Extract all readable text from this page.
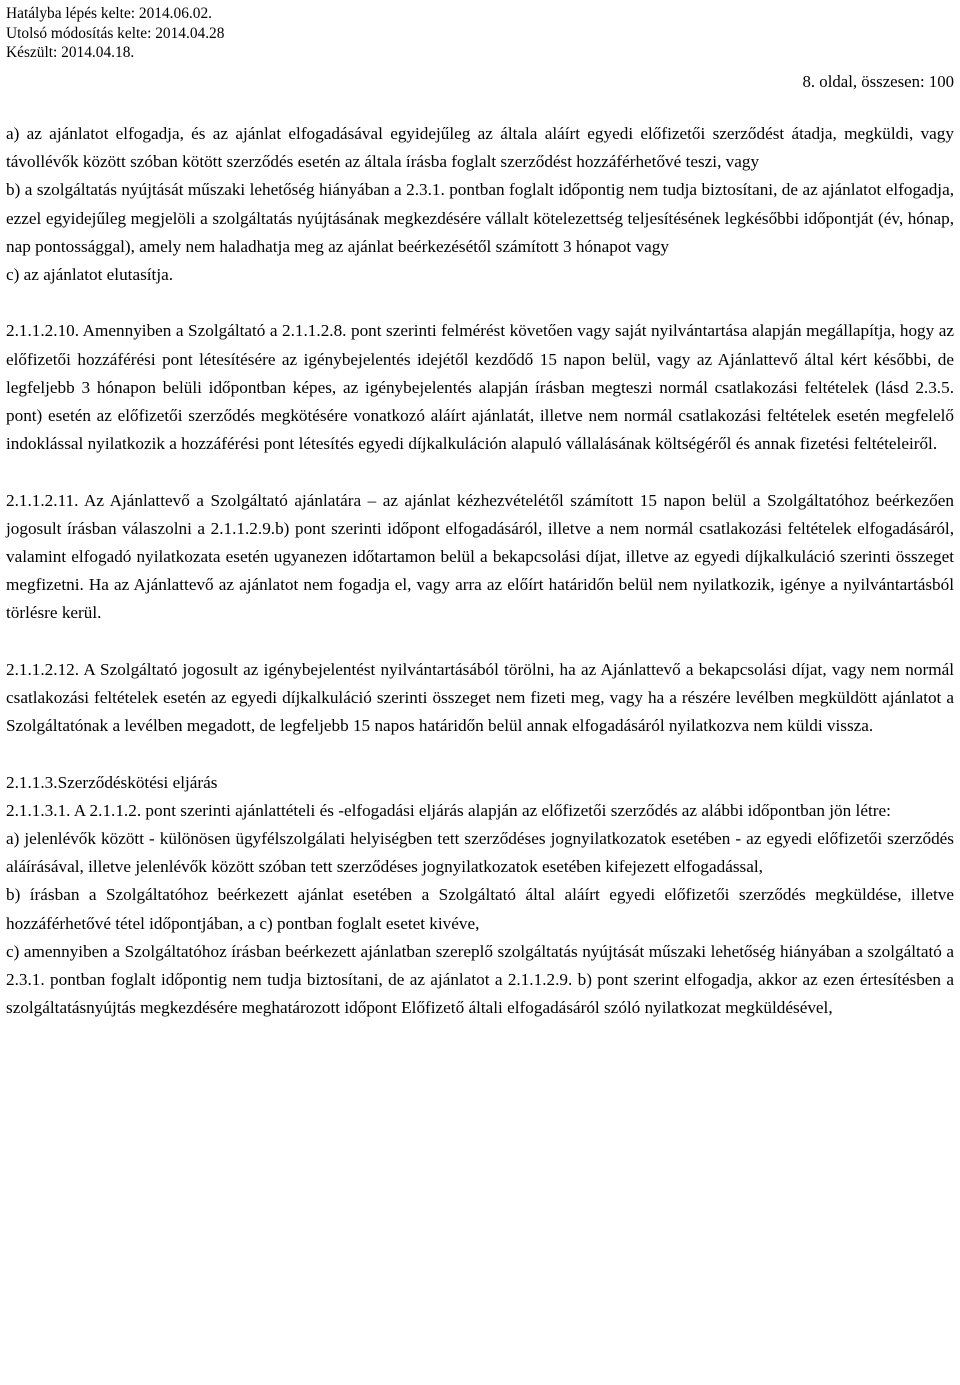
Hatályba lépés kelte: 2014.06.02.
Utolsó módosítás kelte: 2014.04.28
Készült: 2014.04.18.
8. oldal, összesen: 100

a) az ajánlatot elfogadja, és az ajánlat elfogadásával egyidejűleg az általa aláírt egyedi előfizetői szerződést átadja, megküldi, vagy távollévők között szóban kötött szerződés esetén az általa írásba foglalt szerződést hozzáférhetővé teszi, vagy

b) a szolgáltatás nyújtását műszaki lehetőség hiányában a 2.3.1. pontban foglalt időpontig nem tudja biztosítani, de az ajánlatot elfogadja, ezzel egyidejűleg megjelöli a szolgáltatás nyújtásának megkezdésére vállalt kötelezettség teljesítésének legkésőbbi időpontját (év, hónap, nap pontossággal), amely nem haladhatja meg az ajánlat beérkezésétől számított 3 hónapot vagy

c) az ajánlatot elutasítja.

2.1.1.2.10. Amennyiben a Szolgáltató a 2.1.1.2.8. pont szerinti felmérést követően vagy saját nyilvántartása alapján megállapítja, hogy az előfizetői hozzáférési pont létesítésére az igénybejelentés idejétől kezdődő 15 napon belül, vagy az Ajánlattevő által kért későbbi, de legfeljebb 3 hónapon belüli időpontban képes, az igénybejelentés alapján írásban megteszi normál csatlakozási feltételek (lásd 2.3.5. pont) esetén az előfizetői szerződés megkötésére vonatkozó aláírt ajánlatát, illetve nem normál csatlakozási feltételek esetén megfelelő indoklással nyilatkozik a hozzáférési pont létesítés egyedi díjkalkuláción alapuló vállalásának költségéről és annak fizetési feltételeiről.

2.1.1.2.11. Az Ajánlattevő a Szolgáltató ajánlatára – az ajánlat kézhezvételétől számított 15 napon belül a Szolgáltatóhoz beérkezően jogosult írásban válaszolni a 2.1.1.2.9.b) pont szerinti időpont elfogadásáról, illetve a nem normál csatlakozási feltételek elfogadásáról, valamint elfogadó nyilatkozata esetén ugyanezen időtartamon belül a bekapcsolási díjat, illetve az egyedi díjkalkuláció szerinti összeget megfizetni. Ha az Ajánlattevő az ajánlatot nem fogadja el, vagy arra az előírt határidőn belül nem nyilatkozik, igénye a nyilvántartásból törlésre kerül.

2.1.1.2.12. A Szolgáltató jogosult az igénybejelentést nyilvántartásából törölni, ha az Ajánlattevő a bekapcsolási díjat, vagy nem normál csatlakozási feltételek esetén az egyedi díjkalkuláció szerinti összeget nem fizeti meg, vagy ha a részére levélben megküldött ajánlatot a Szolgáltatónak a levélben megadott, de legfeljebb 15 napos határidőn belül annak elfogadásáról nyilatkozva nem küldi vissza.

2.1.1.3.Szerződéskötési eljárás

2.1.1.3.1. A 2.1.1.2. pont szerinti ajánlattételi és -elfogadási eljárás alapján az előfizetői szerződés az alábbi időpontban jön létre:

a) jelenlévők között - különösen ügyfélszolgálati helyiségben tett szerződéses jognyilatkozatok esetében - az egyedi előfizetői szerződés aláírásával, illetve jelenlévők között szóban tett szerződéses jognyilatkozatok esetében kifejezett elfogadással,

b) írásban a Szolgáltatóhoz beérkezett ajánlat esetében a Szolgáltató által aláírt egyedi előfizetői szerződés megküldése, illetve hozzáférhetővé tétel időpontjában, a c) pontban foglalt esetet kivéve,

c) amennyiben a Szolgáltatóhoz írásban beérkezett ajánlatban szereplő szolgáltatás nyújtását műszaki lehetőség hiányában a szolgáltató a 2.3.1. pontban foglalt időpontig nem tudja biztosítani, de az ajánlatot a 2.1.1.2.9. b) pont szerint elfogadja, akkor az ezen értesítésben a szolgáltatásnyújtás megkezdésére meghatározott időpont Előfizető általi elfogadásáról szóló nyilatkozat megküldésével,
